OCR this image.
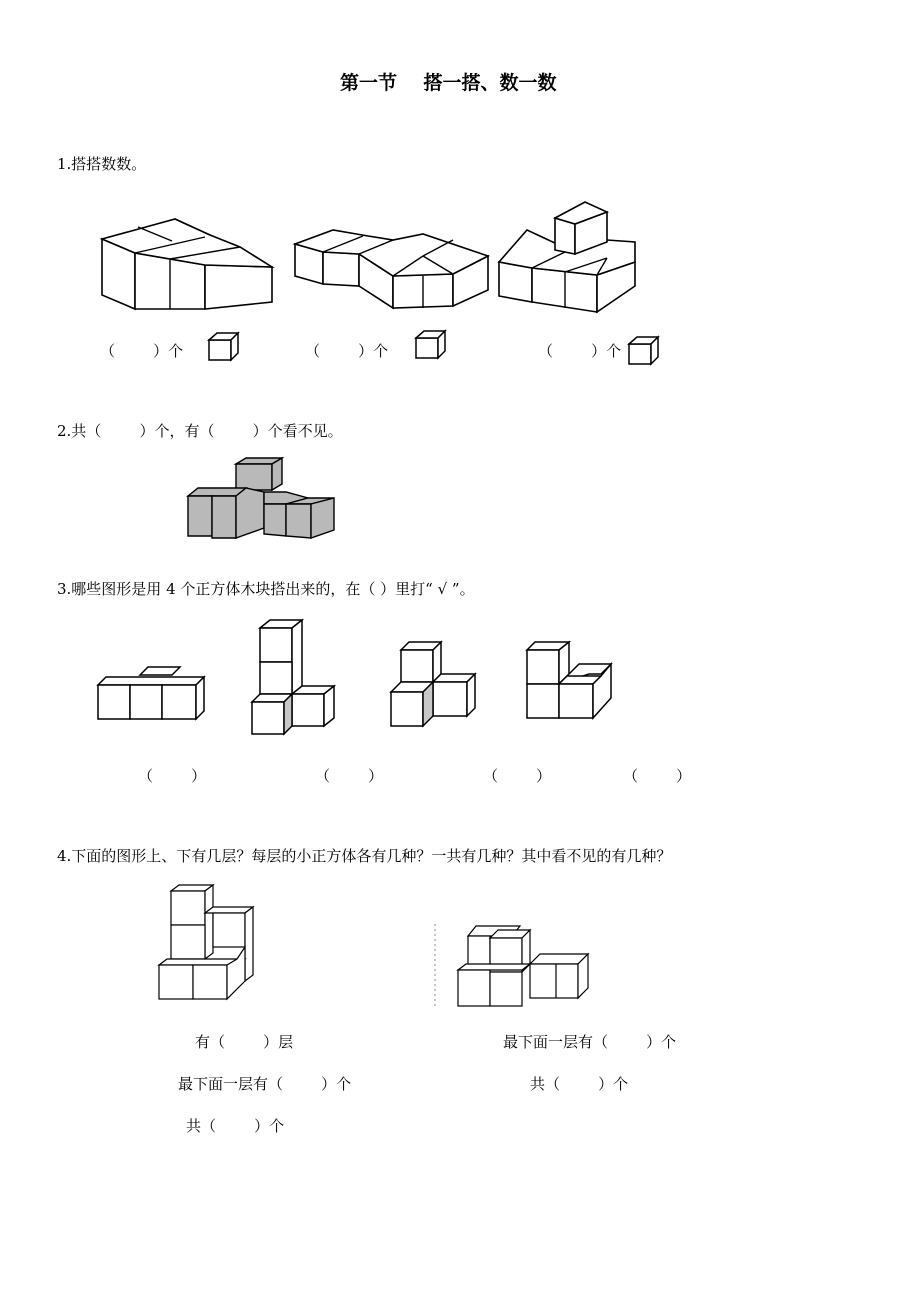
第一节    搭一搭、数一数
1.搭搭数数。
（        ）个	（        ）个	（        ）个
2.共（        ）个，有（        ）个看不见。
3.哪些图形是用 4 个正方体木块搭出来的，在（ ）里打“ √ ”。
（        ）	（        ）	（        ）	（        ）
4.下面的图形上、下有几层？每层的小正方体各有几种？一共有几种？其中看不见的有几种？
有（        ）层
最下面一层有（        ）个
共（        ）个
最下面一层有（        ）个
共（        ）个
